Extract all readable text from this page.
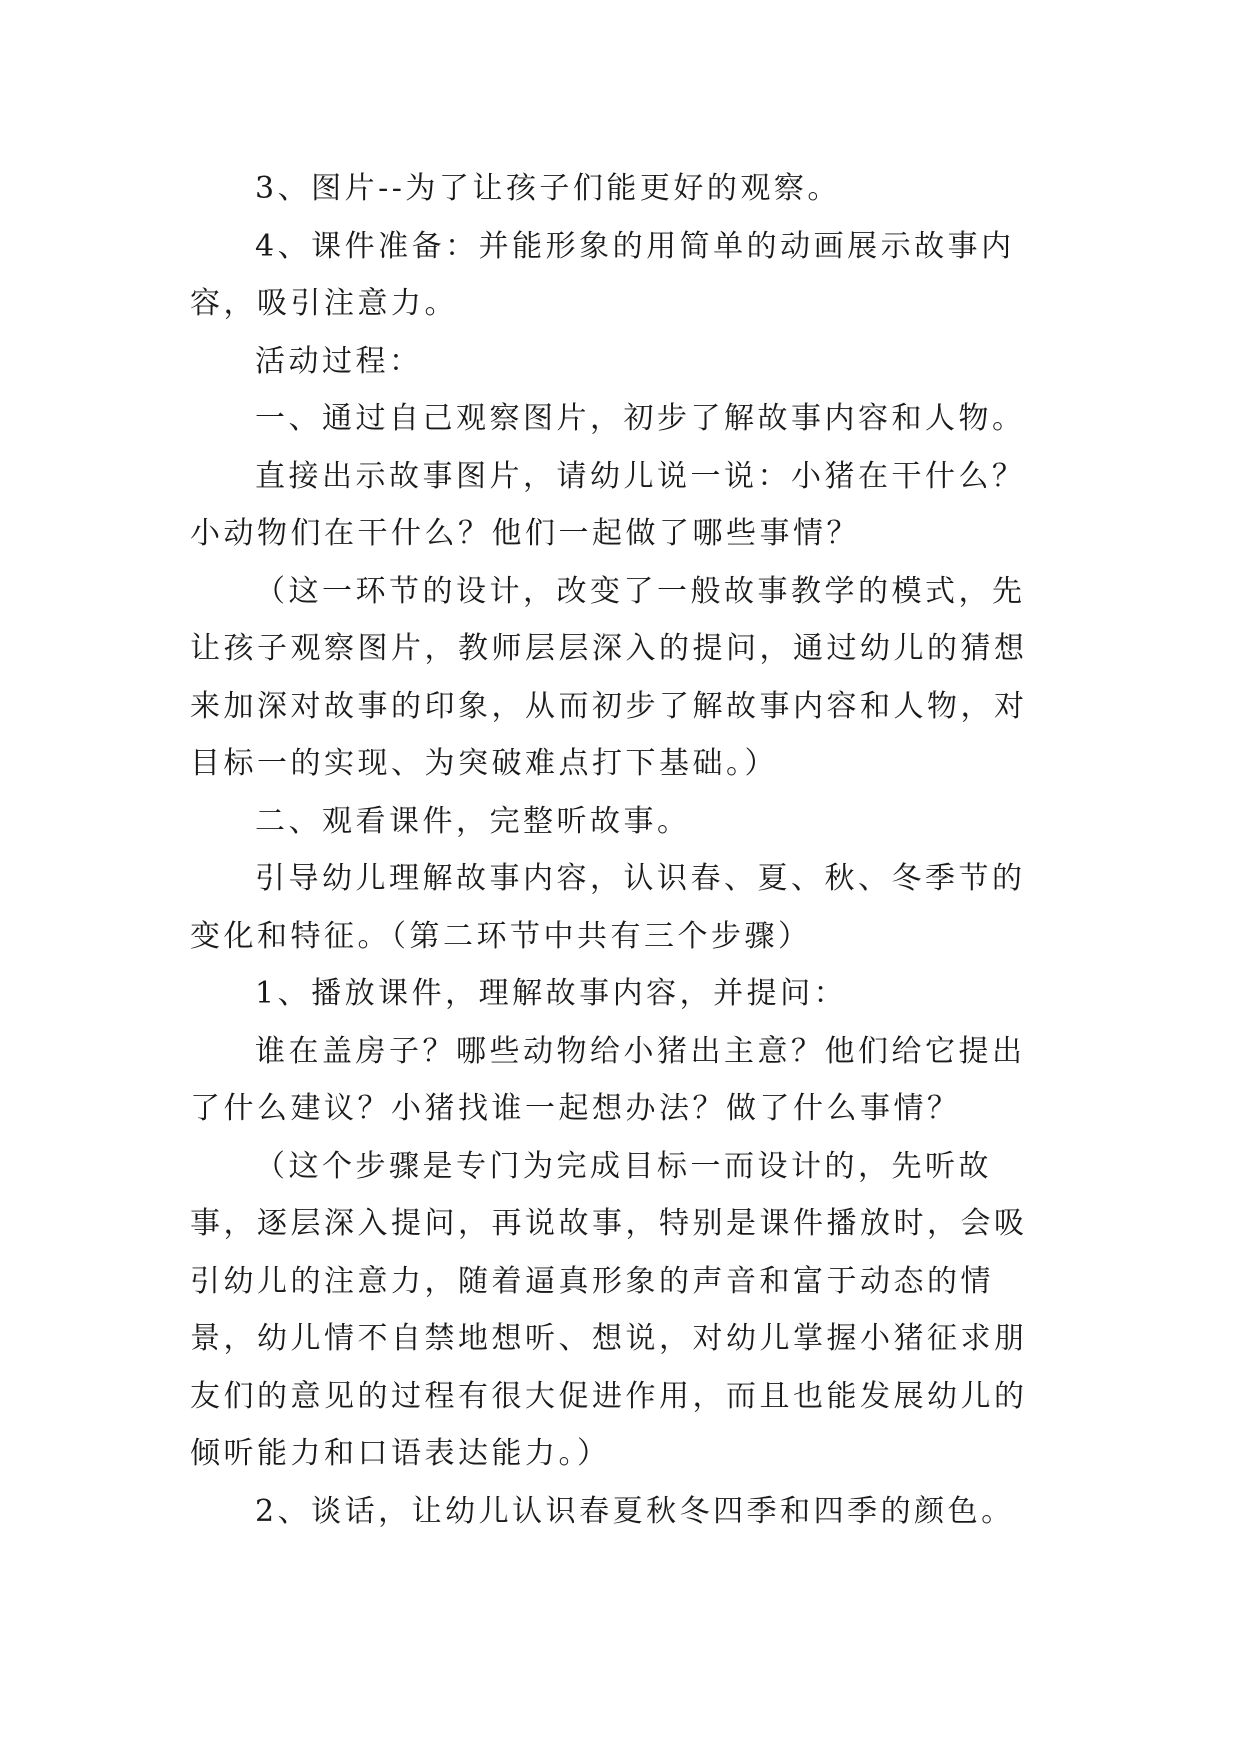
3、图片--为了让孩子们能更好的观察。

4、课件准备：并能形象的用简单的动画展示故事内容，吸引注意力。

活动过程：

一、通过自己观察图片，初步了解故事内容和人物。

直接出示故事图片，请幼儿说一说：小猪在干什么？小动物们在干什么？他们一起做了哪些事情？

（这一环节的设计，改变了一般故事教学的模式，先让孩子观察图片，教师层层深入的提问，通过幼儿的猜想来加深对故事的印象，从而初步了解故事内容和人物，对目标一的实现、为突破难点打下基础。）

二、观看课件，完整听故事。

引导幼儿理解故事内容，认识春、夏、秋、冬季节的变化和特征。（第二环节中共有三个步骤）

1、播放课件，理解故事内容，并提问：

谁在盖房子？哪些动物给小猪出主意？他们给它提出了什么建议？小猪找谁一起想办法？做了什么事情？

（这个步骤是专门为完成目标一而设计的，先听故事，逐层深入提问，再说故事，特别是课件播放时，会吸引幼儿的注意力，随着逼真形象的声音和富于动态的情景，幼儿情不自禁地想听、想说，对幼儿掌握小猪征求朋友们的意见的过程有很大促进作用，而且也能发展幼儿的倾听能力和口语表达能力。）

2、谈话，让幼儿认识春夏秋冬四季和四季的颜色。
